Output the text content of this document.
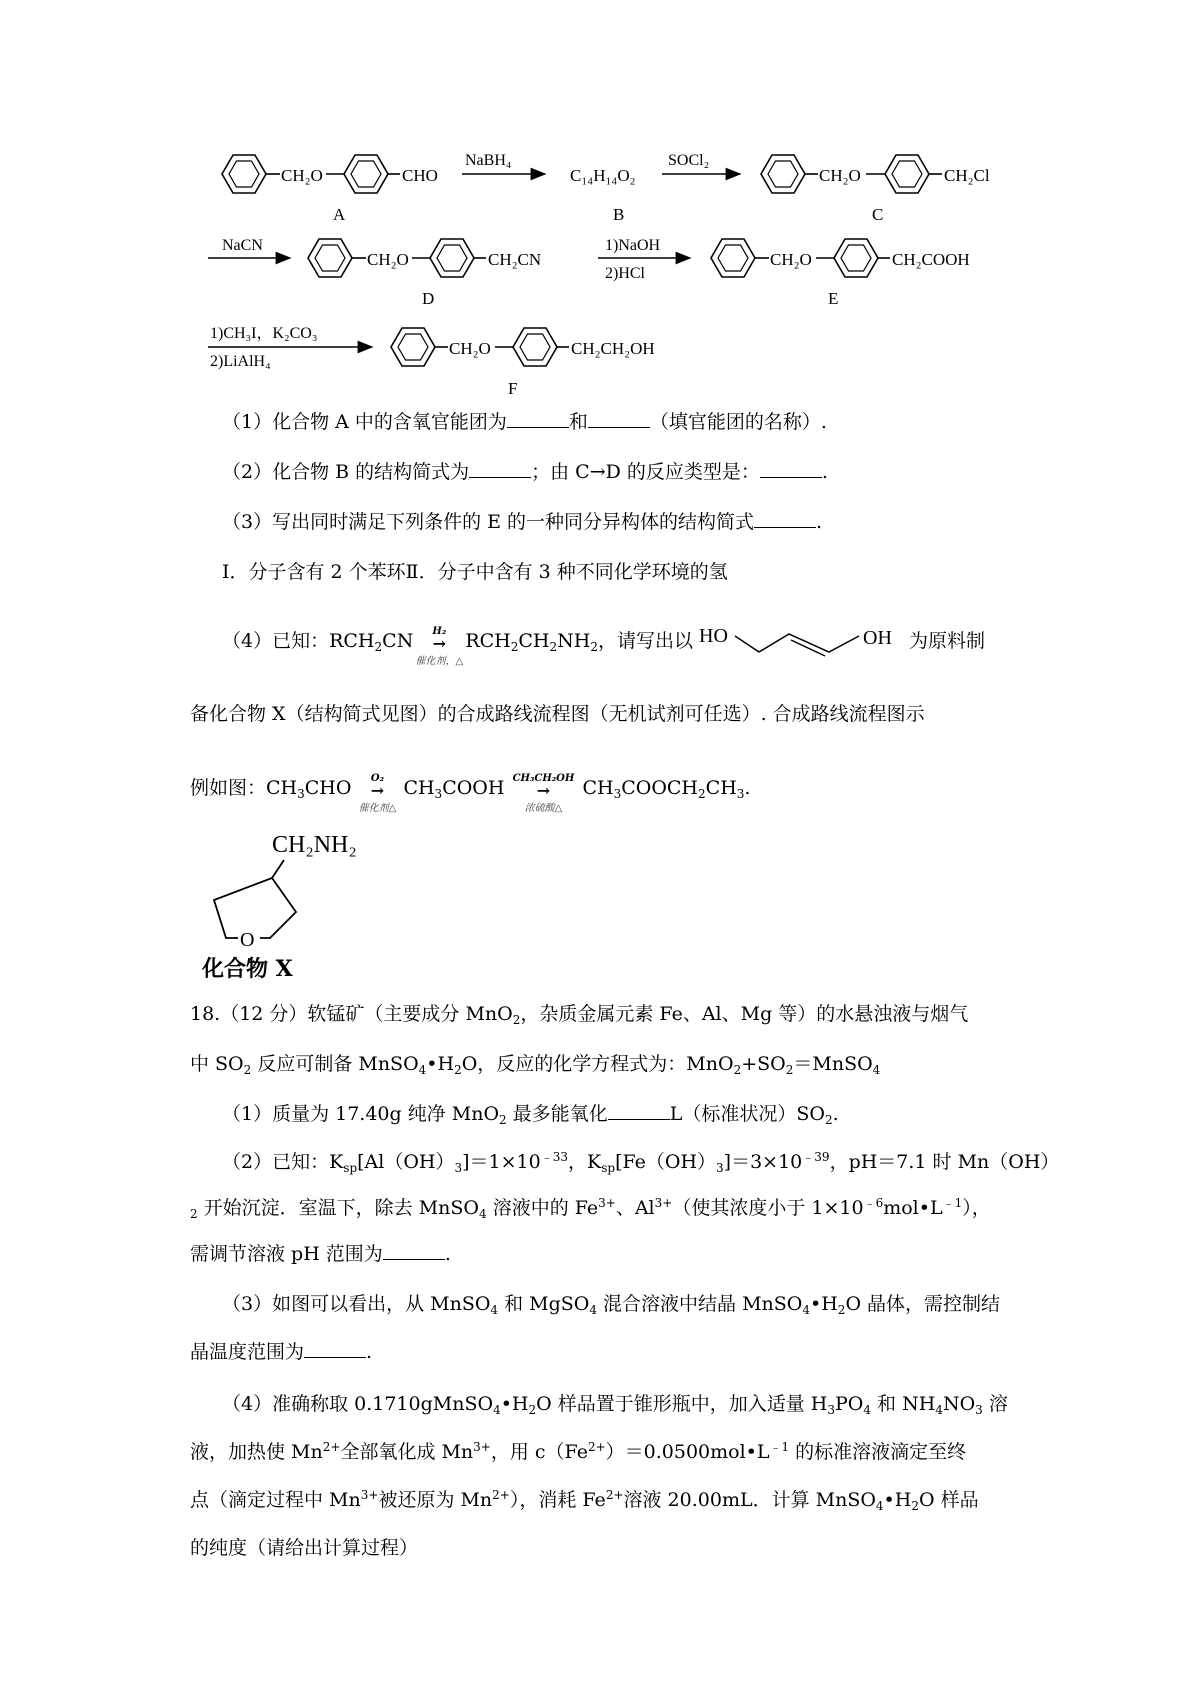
CH₂O	CHO
A
NaBH₄
C₁₄H₁₄O₂
B
SOCl₂
CH₂O	CH₂Cl
C
NaCN
CH₂O	CH₂CN
D
1)NaOH
2)HCl
CH₂O	CH₂COOH
E
1)CH₃I，K₂CO₃
2)LiAlH₄
CH₂O	CH₂CH₂OH
F
（1）化合物 A 中的含氧官能团为	和	（填官能团的名称）.
（2）化合物 B 的结构简式为	；由 C→D 的反应类型是：	.
（3）写出同时满足下列条件的 E 的一种同分异构体的结构简式	.
Ⅰ．分子含有 2 个苯环Ⅱ．分子中含有 3 种不同化学环境的氢
（4）已知：$RCH_2CN$	H₂
→
催化剂，△
$RCH_2CH_2NH_2$，请写出以 HO	OH 为原料制
备化合物 X（结构简式见图）的合成路线流程图（无机试剂可任选）. 合成路线流程图示
例如图：$CH_3CHO$	O₂
→
催化剂△
$CH_3COOH$ CH₃CH₂OH
→
浓硫酸△
$CH_3COOCH_2CH_3$.
CH₂NH₂
O
化合物 X
18.（12 分）软锰矿（主要成分 MnO$_2$，杂质金属元素 Fe、Al、Mg 等）的水悬浊液与烟气
中 $SO_2$ 反应可制备 $MnSO_4•H_2O$，反应的化学方程式为：$MnO_2+SO_2=MnSO_4$
（1）质量为 17.40g 纯净 MnO$_2$ 最多能氧化	L（标准状况）$SO_2$.
（2）已知：$K_{sp}[Al(OH)_3]=1\times 10^{﹣33}$，$K_{sp}[Fe(OH)_3]=3\times 10^{﹣39}$，pH＝7.1 时 Mn（OH）
$_2$ 开始沉淀．室温下，除去 MnSO$_4$ 溶液中的 $Fe^{3+}$、$Al^{3+}$（使其浓度小于 $1\times 10^{﹣6}mol•L^{﹣1}$），
需调节溶液 pH 范围为	.
（3）如图可以看出，从 MnSO$_4$ 和 MgSO$_4$ 混合溶液中结晶 $MnSO_4•H_2O$ 晶体，需控制结
晶温度范围为	.
（4）准确称取 $0.1710gMnSO_4•H_2O$ 样品置于锥形瓶中，加入适量 $H_3PO_4$ 和 $NH_4NO_3$ 溶
液，加热使 $Mn^{2+}$全部氧化成 $Mn^{3+}$，用 $c(Fe^{2+})=0.0500mol•L^{﹣1}$ 的标准溶液滴定至终
点（滴定过程中 $Mn^{3+}$被还原为 $Mn^{2+}$），消耗 $Fe^{2+}$溶液 20.00mL．计算 $MnSO_4•H_2O$ 样品
的纯度（请给出计算过程）
